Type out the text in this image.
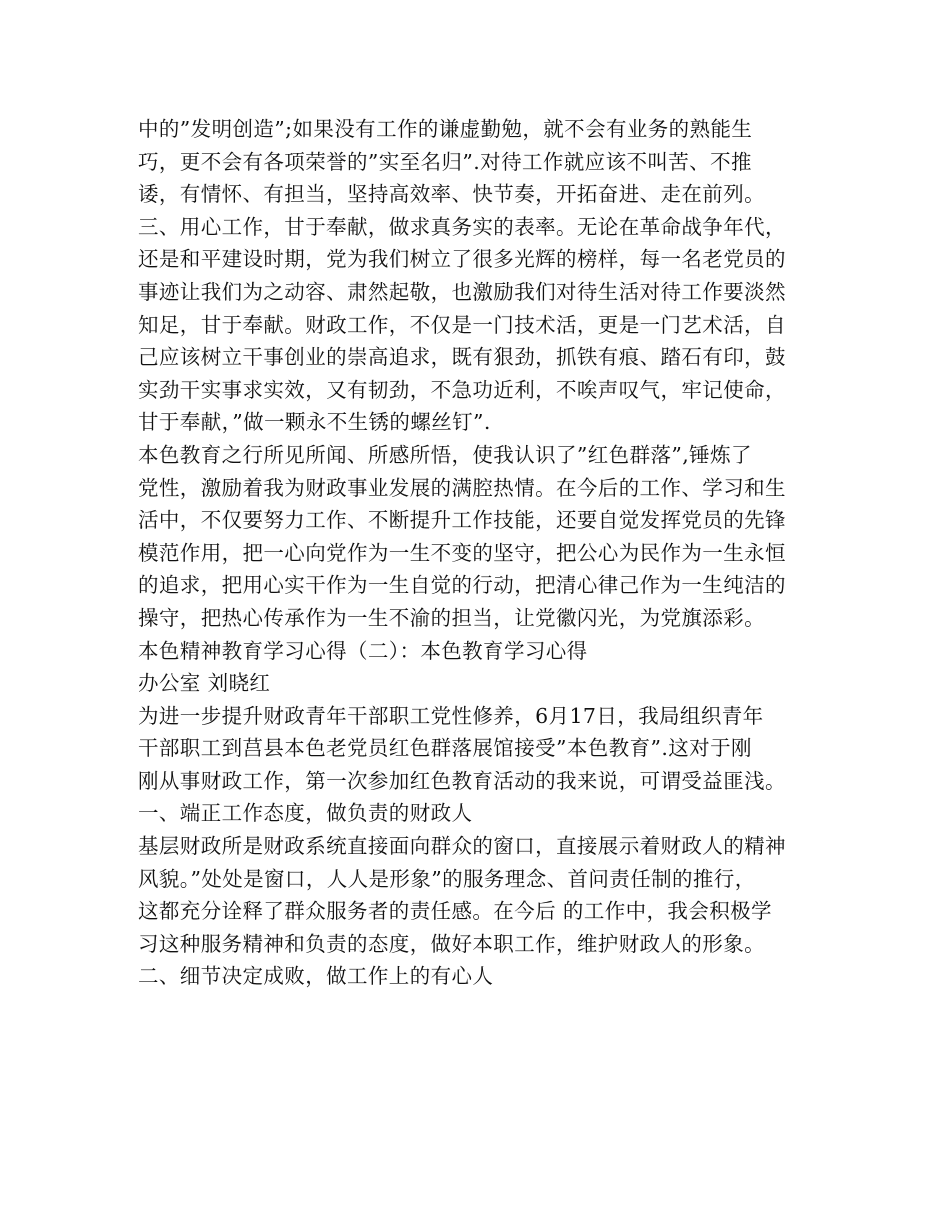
中的”发明创造”;如果没有工作的谦虚勤勉，就不会有业务的熟能生
巧，更不会有各项荣誉的”实至名归”.对待工作就应该不叫苦、不推
诿，有情怀、有担当，坚持高效率、快节奏，开拓奋进、走在前列。
三、用心工作，甘于奉献，做求真务实的表率。无论在革命战争年代，
还是和平建设时期，党为我们树立了很多光辉的榜样，每一名老党员的
事迹让我们为之动容、肃然起敬，也激励我们对待生活对待工作要淡然
知足，甘于奉献。财政工作，不仅是一门技术活，更是一门艺术活，自
己应该树立干事创业的崇高追求，既有狠劲，抓铁有痕、踏石有印，鼓
实劲干实事求实效，又有韧劲，不急功近利，不唉声叹气，牢记使命，
甘于奉献，”做一颗永不生锈的螺丝钉”.
本色教育之行所见所闻、所感所悟，使我认识了”红色群落”,锤炼了
党性，激励着我为财政事业发展的满腔热情。在今后的工作、学习和生
活中，不仅要努力工作、不断提升工作技能，还要自觉发挥党员的先锋
模范作用，把一心向党作为一生不变的坚守，把公心为民作为一生永恒
的追求，把用心实干作为一生自觉的行动，把清心律己作为一生纯洁的
操守，把热心传承作为一生不渝的担当，让党徽闪光，为党旗添彩。
本色精神教育学习心得（二）：本色教育学习心得
办公室 刘晓红
为进一步提升财政青年干部职工党性修养，6月17日，我局组织青年
干部职工到莒县本色老党员红色群落展馆接受”本色教育”.这对于刚
刚从事财政工作，第一次参加红色教育活动的我来说，可谓受益匪浅。
一、端正工作态度，做负责的财政人
基层财政所是财政系统直接面向群众的窗口，直接展示着财政人的精神
风貌。”处处是窗口，人人是形象”的服务理念、首问责任制的推行，
这都充分诠释了群众服务者的责任感。在今后 的工作中，我会积极学
习这种服务精神和负责的态度，做好本职工作，维护财政人的形象。
二、细节决定成败，做工作上的有心人
